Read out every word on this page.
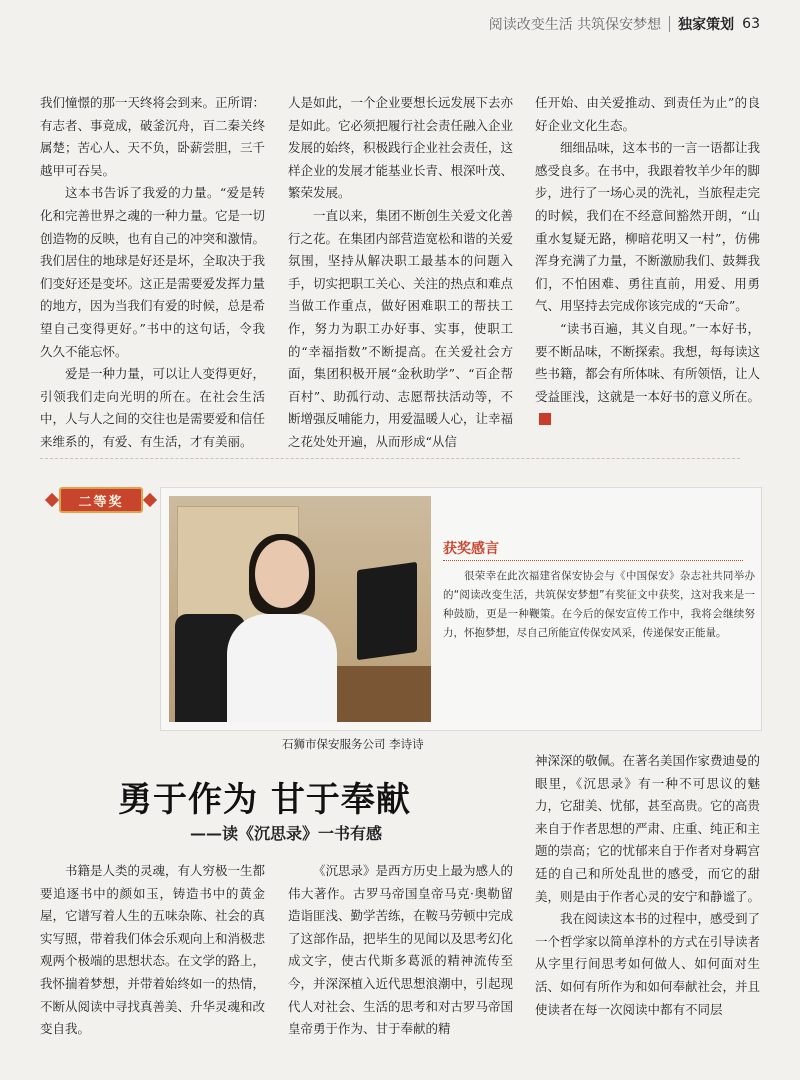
阅读改变生活 共筑保安梦想 独家策划 63

我们憧憬的那一天终将会到来。正所谓：有志者、事竟成，破釜沉舟，百二秦关终属楚；苦心人、天不负，卧薪尝胆，三千越甲可吞吴。

这本书告诉了我爱的力量。“爱是转化和完善世界之魂的一种力量。它是一切创造物的反映，也有自己的冲突和激情。我们居住的地球是好还是坏，全取决于我们变好还是变坏。这正是需要爱发挥力量的地方，因为当我们有爱的时候，总是希望自己变得更好。”书中的这句话，令我久久不能忘怀。

爱是一种力量，可以让人变得更好，引领我们走向光明的所在。在社会生活中，人与人之间的交往也是需要爱和信任来维系的，有爱、有生活，才有美丽。

人是如此，一个企业要想长远发展下去亦是如此。它必须把履行社会责任融入企业发展的始终，积极践行企业社会责任，这样企业的发展才能基业长青、根深叶茂、繁荣发展。

一直以来，集团不断创生关爱文化善行之花。在集团内部营造宽松和谐的关爱氛围，坚持从解决职工最基本的问题入手，切实把职工关心、关注的热点和难点当做工作重点，做好困难职工的帮扶工作，努力为职工办好事、实事，使职工的“幸福指数”不断提高。在关爱社会方面，集团积极开展“金秋助学”、“百企帮百村”、助孤行动、志愿帮扶活动等，不断增强反哺能力，用爱温暖人心，让幸福之花处处开遍，从而形成“从信

任开始、由关爱推动、到责任为止”的良好企业文化生态。

细细品味，这本书的一言一语都让我感受良多。在书中，我跟着牧羊少年的脚步，进行了一场心灵的洗礼，当旅程走完的时候，我们在不经意间豁然开朗，“山重水复疑无路，柳暗花明又一村”，仿佛浑身充满了力量，不断激励我们、鼓舞我们，不怕困难、勇往直前，用爱、用勇气、用坚持去完成你该完成的“天命”。

“读书百遍，其义自现。”一本好书，要不断品味，不断探索。我想，每每读这些书籍，都会有所体味、有所领悟，让人受益匪浅，这就是一本好书的意义所在。

二等奖
获奖感言

很荣幸在此次福建省保安协会与《中国保安》杂志社共同举办的“阅读改变生活，共筑保安梦想”有奖征文中获奖，这对我来是一种鼓励，更是一种鞭策。在今后的保安宣传工作中，我将会继续努力，怀抱梦想，尽自己所能宣传保安风采，传递保安正能量。

石狮市保安服务公司 李诗诗
勇于作为 甘于奉献
——读《沉思录》一书有感

书籍是人类的灵魂，有人穷极一生都要追逐书中的颜如玉，铸造书中的黄金屋，它谱写着人生的五味杂陈、社会的真实写照，带着我们体会乐观向上和消极悲观两个极端的思想状态。在文学的路上，我怀揣着梦想，并带着始终如一的热情，不断从阅读中寻找真善美、升华灵魂和改变自我。

《沉思录》是西方历史上最为感人的伟大著作。古罗马帝国皇帝马克·奥勒留造诣匪浅、勤学苦练，在鞍马劳顿中完成了这部作品，把毕生的见闻以及思考幻化成文字，使古代斯多葛派的精神流传至今，并深深植入近代思想浪潮中，引起现代人对社会、生活的思考和对古罗马帝国皇帝勇于作为、甘于奉献的精

神深深的敬佩。在著名美国作家费迪曼的眼里，《沉思录》有一种不可思议的魅力，它甜美、忧郁，甚至高贵。它的高贵来自于作者思想的严肃、庄重、纯正和主题的崇高；它的忧郁来自于作者对身羁宫廷的自己和所处乱世的感受，而它的甜美，则是由于作者心灵的安宁和静谧了。

我在阅读这本书的过程中，感受到了一个哲学家以简单淳朴的方式在引导读者从字里行间思考如何做人、如何面对生活、如何有所作为和如何奉献社会，并且使读者在每一次阅读中都有不同层
